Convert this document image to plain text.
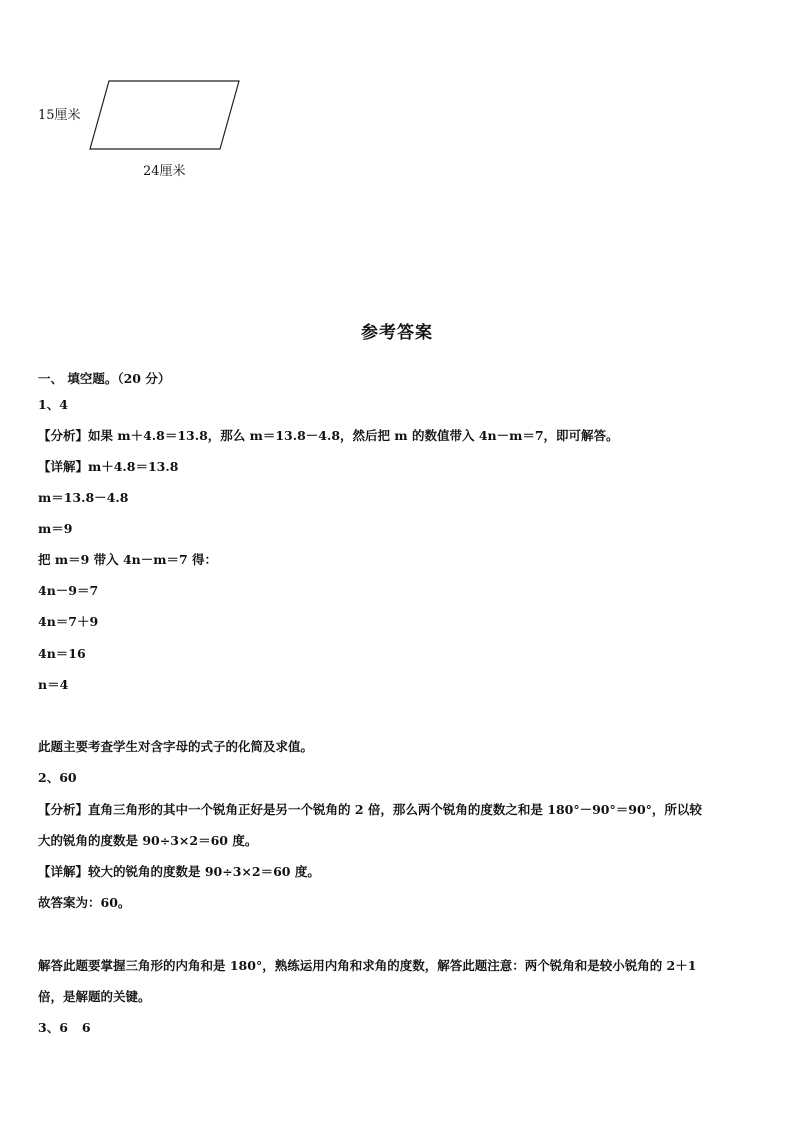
15厘米
24厘米
参考答案
一、 填空题。（20 分）
1、4
【分析】如果 m＋4.8＝13.8，那么 m＝13.8－4.8，然后把 m 的数值带入 4n－m＝7，即可解答。
【详解】m＋4.8＝13.8
m＝13.8－4.8
m＝9
把 m＝9 带入 4n－m＝7 得：
4n－9＝7
4n＝7＋9
4n＝16
n＝4
此题主要考查学生对含字母的式子的化简及求值。
2、60
【分析】直角三角形的其中一个锐角正好是另一个锐角的 2 倍，那么两个锐角的度数之和是 180°－90°＝90°，所以较
大的锐角的度数是 90÷3×2＝60 度。
【详解】较大的锐角的度数是 90÷3×2＝60 度。
故答案为：60。
解答此题要掌握三角形的内角和是 180°，熟练运用内角和求角的度数，解答此题注意：两个锐角和是较小锐角的 2＋1
倍，是解题的关键。
3、6 6
